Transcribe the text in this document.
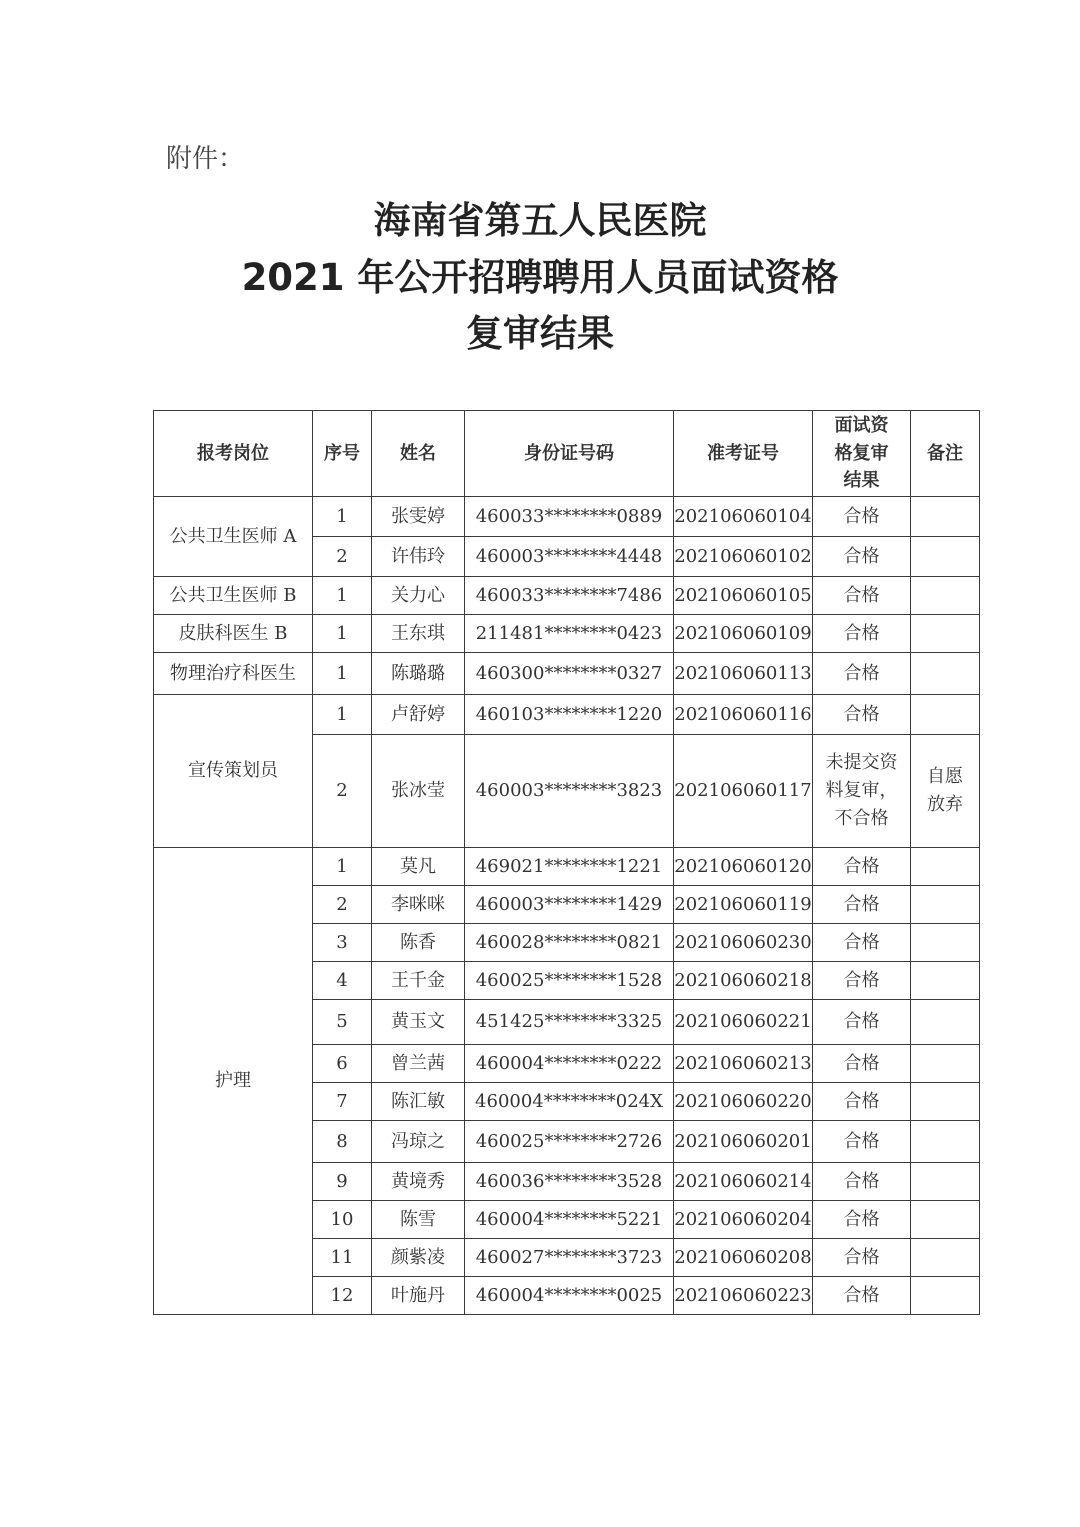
附件：
海南省第五人民医院
2021 年公开招聘聘用人员面试资格
复审结果
报考岗位	序号	姓名	身份证号码	准考证号	面试资格复审结果	备注
公共卫生医师 A	1	张雯婷	460033********0889	202106060104	合格	
	2	许伟玲	460003********4448	202106060102	合格	
公共卫生医师 B	1	关力心	460033********7486	202106060105	合格	
皮肤科医生 B	1	王东琪	211481********0423	202106060109	合格	
物理治疗科医生	1	陈璐璐	460300********0327	202106060113	合格	
宣传策划员	1	卢舒婷	460103********1220	202106060116	合格	
	2	张冰莹	460003********3823	202106060117	未提交资料复审，不合格	自愿放弃

护理	1	莫凡	469021********1221	202106060120	合格	
	2	李咪咪	460003********1429	202106060119	合格	
	3	陈香	460028********0821	202106060230	合格	
	4	王千金	460025********1528	202106060218	合格	
	5	黄玉文	451425********3325	202106060221	合格	
	6	曾兰茜	460004********0222	202106060213	合格	
	7	陈汇敏	460004********024X	202106060220	合格	
	8	冯琼之	460025********2726	202106060201	合格	
	9	黄境秀	460036********3528	202106060214	合格	
	10	陈雪	460004********5221	202106060204	合格	
	11	颜紫凌	460027********3723	202106060208	合格	
	12	叶施丹	460004********0025	202106060223	合格	
